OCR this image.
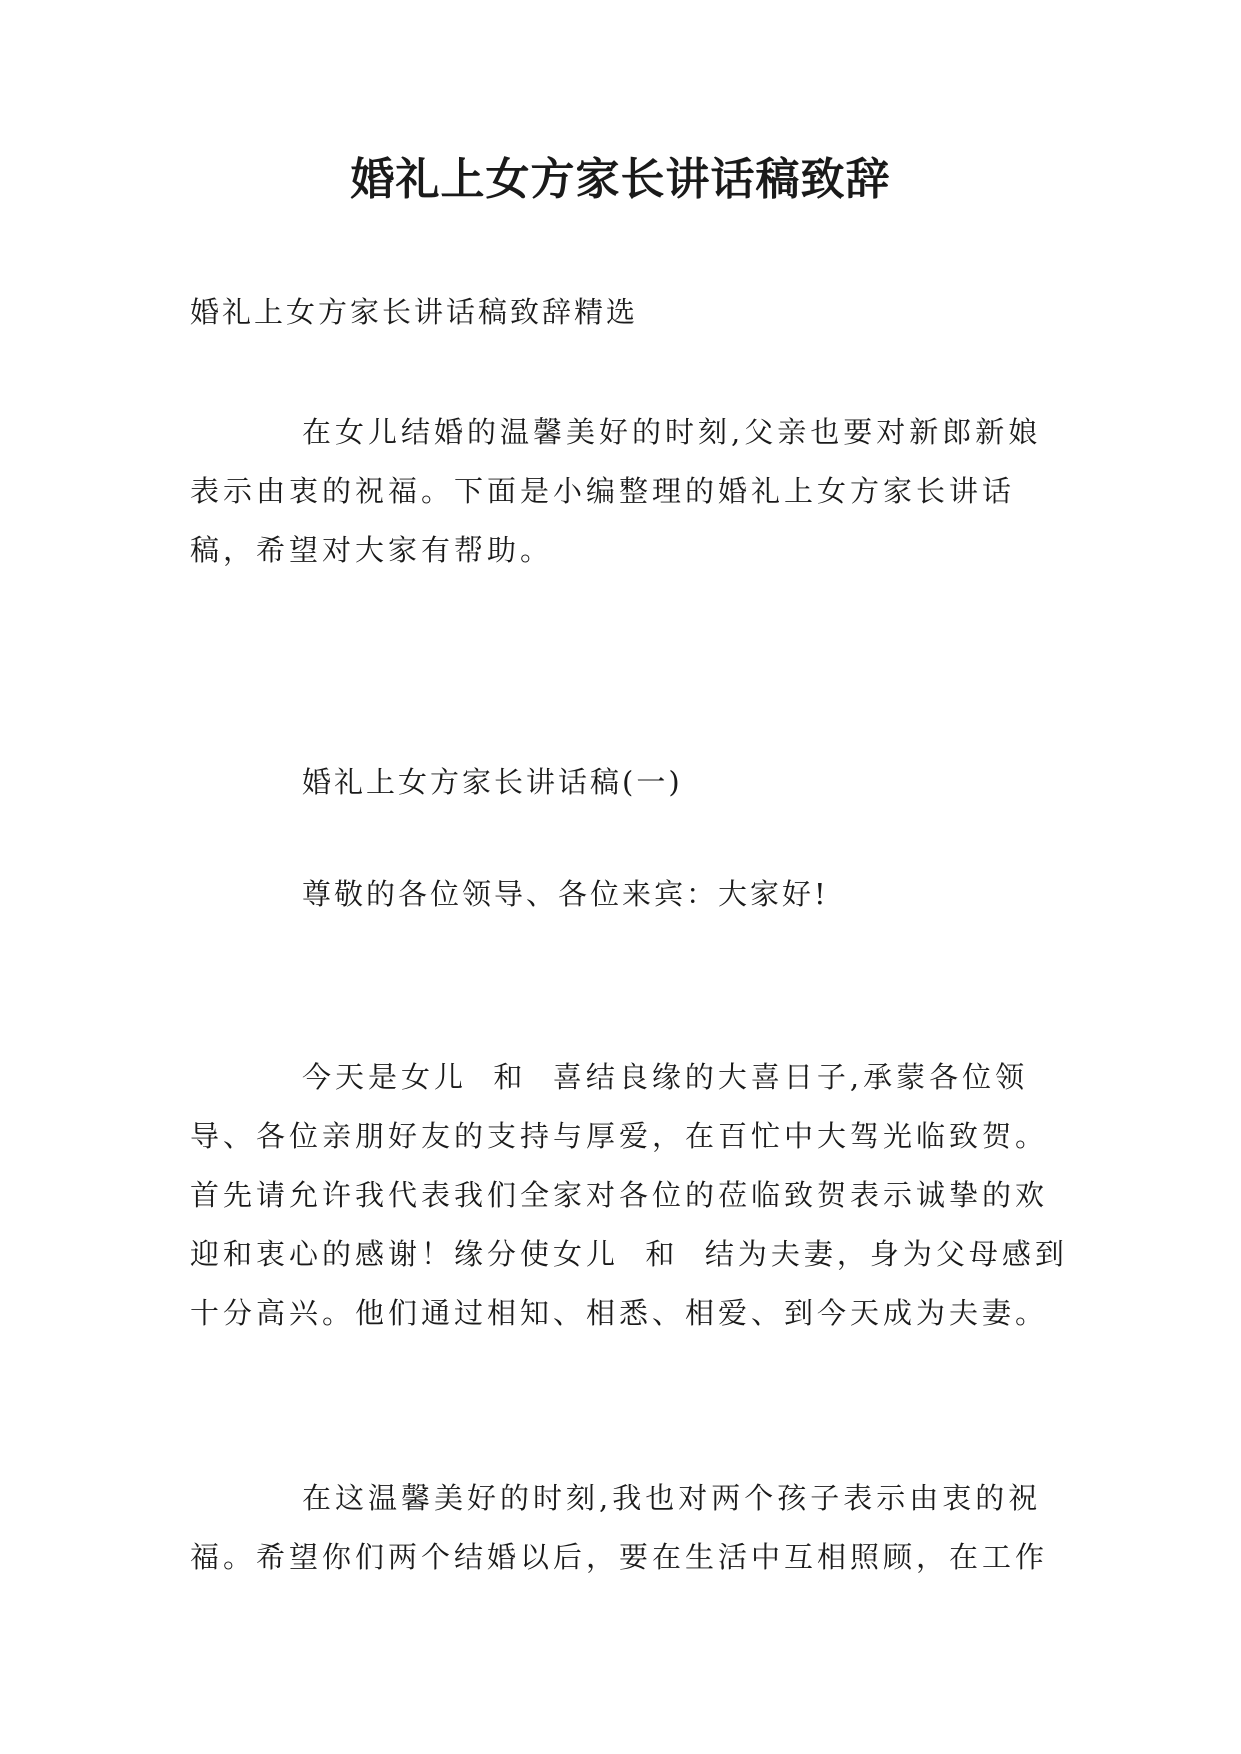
婚礼上女方家长讲话稿致辞

婚礼上女方家长讲话稿致辞精选

在女儿结婚的温馨美好的时刻,父亲也要对新郎新娘表示由衷的祝福。下面是小编整理的婚礼上女方家长讲话稿，希望对大家有帮助。

婚礼上女方家长讲话稿(一)

尊敬的各位领导、各位来宾：大家好!

今天是女儿  和  喜结良缘的大喜日子,承蒙各位领导、各位亲朋好友的支持与厚爱，在百忙中大驾光临致贺。首先请允许我代表我们全家对各位的莅临致贺表示诚挚的欢迎和衷心的感谢！缘分使女儿  和  结为夫妻，身为父母感到十分高兴。他们通过相知、相悉、相爱、到今天成为夫妻。

在这温馨美好的时刻,我也对两个孩子表示由衷的祝福。希望你们两个结婚以后，要在生活中互相照顾，在工作
